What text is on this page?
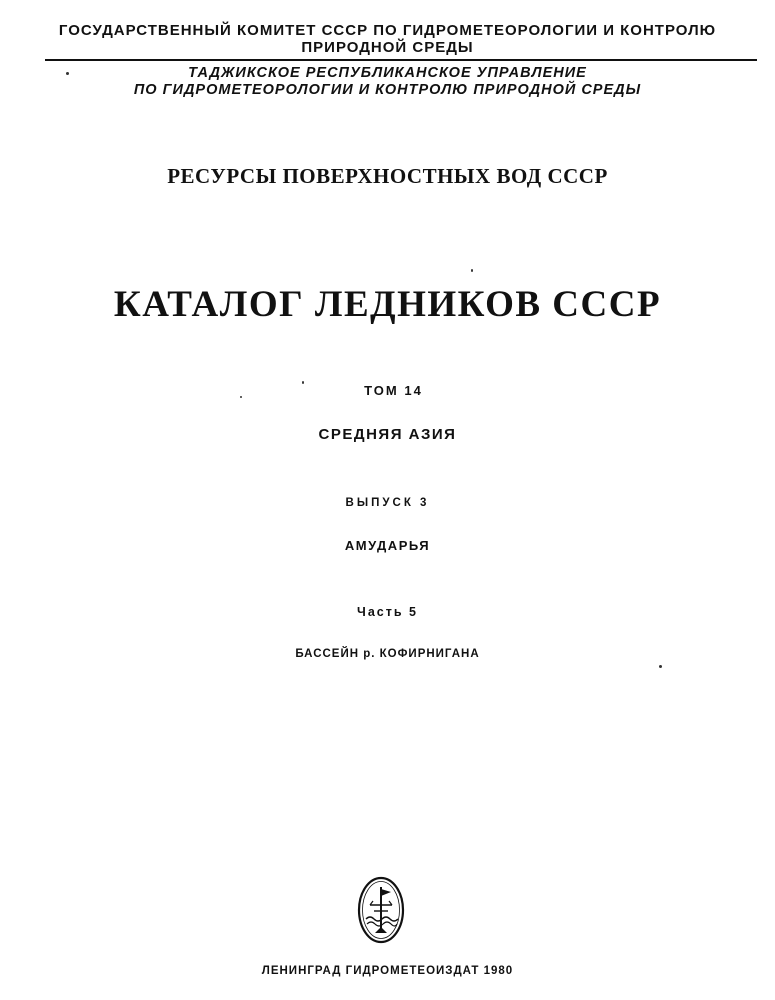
ГОСУДАРСТВЕННЫЙ КОМИТЕТ СССР ПО ГИДРОМЕТЕОРОЛОГИИ И КОНТРОЛЮ
ПРИРОДНОЙ СРЕДЫ
ТАДЖИКСКОЕ РЕСПУБЛИКАНСКОЕ УПРАВЛЕНИЕ
ПО ГИДРОМЕТЕОРОЛОГИИ И КОНТРОЛЮ ПРИРОДНОЙ СРЕДЫ
РЕСУРСЫ ПОВЕРХНОСТНЫХ ВОД СССР
КАТАЛОГ ЛЕДНИКОВ СССР
ТОМ 14
СРЕДНЯЯ АЗИЯ
ВЫПУСК 3
АМУДАРЬЯ
Часть 5
БАССЕЙН р. КОФИРНИГАНА
ЛЕНИНГРАД ГИДРОМЕТЕОИЗДАТ 1980
